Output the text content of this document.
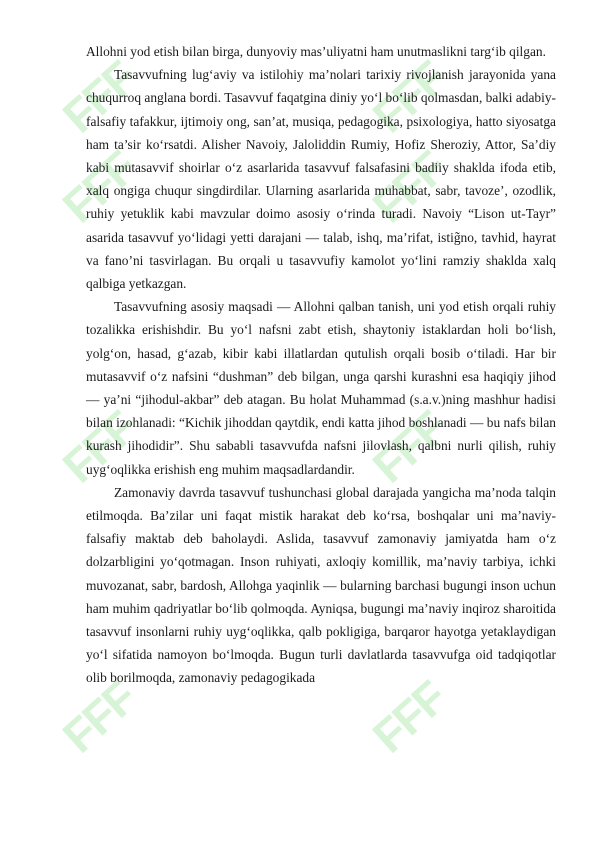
FFF	FFF
FFF	FFF
FFF	FFF
FFF	FFF

Allohni yod etish bilan birga, dunyoviy mas’uliyatni ham unutmaslikni targ‘ib qilgan.

Tasavvufning lug‘aviy va istilohiy ma’nolari tarixiy rivojlanish jarayonida yana chuqurroq anglana bordi. Tasavvuf faqatgina diniy yo‘l bo‘lib qolmasdan, balki adabiy-falsafiy tafakkur, ijtimoiy ong, san’at, musiqa, pedagogika, psixologiya, hatto siyosatga ham ta’sir ko‘rsatdi. Alisher Navoiy, Jaloliddin Rumiy, Hofiz Sheroziy, Attor, Sa’diy kabi mutasavvif shoirlar o‘z asarlarida tasavvuf falsafasini badiiy shaklda ifoda etib, xalq ongiga chuqur singdirdilar. Ularning asarlarida muhabbat, sabr, tavoze’, ozodlik, ruhiy yetuklik kabi mavzular doimo asosiy o‘rinda turadi. Navoiy “Lison ut-Tayr” asarida tasavvuf yo‘lidagi yetti darajani — talab, ishq, ma’rifat, istig̃no, tavhid, hayrat va fano’ni tasvirlagan. Bu orqali u tasavvufiy kamolot yo‘lini ramziy shaklda xalq qalbiga yetkazgan.

Tasavvufning asosiy maqsadi — Allohni qalban tanish, uni yod etish orqali ruhiy tozalikka erishishdir. Bu yo‘l nafsni zabt etish, shaytoniy istaklardan holi bo‘lish, yolg‘on, hasad, g‘azab, kibir kabi illatlardan qutulish orqali bosib o‘tiladi. Har bir mutasavvif o‘z nafsini “dushman” deb bilgan, unga qarshi kurashni esa haqiqiy jihod — ya’ni “jihodul-akbar” deb atagan. Bu holat Muhammad (s.a.v.)ning mashhur hadisi bilan izohlanadi: “Kichik jihoddan qaytdik, endi katta jihod boshlanadi — bu nafs bilan kurash jihodidir”. Shu sababli tasavvufda nafsni jilovlash, qalbni nurli qilish, ruhiy uyg‘oqlikka erishish eng muhim maqsadlardandir.

Zamonaviy davrda tasavvuf tushunchasi global darajada yangicha ma’noda talqin etilmoqda. Ba’zilar uni faqat mistik harakat deb ko‘rsa, boshqalar uni ma’naviy-falsafiy maktab deb baholaydi. Aslida, tasavvuf zamonaviy jamiyatda ham o‘z dolzarbligini yo‘qotmagan. Inson ruhiyati, axloqiy komillik, ma’naviy tarbiya, ichki muvozanat, sabr, bardosh, Allohga yaqinlik — bularning barchasi bugungi inson uchun ham muhim qadriyatlar bo‘lib qolmoqda. Ayniqsa, bugungi ma’naviy inqiroz sharoitida tasavvuf insonlarni ruhiy uyg‘oqlikka, qalb pokligiga, barqaror hayotga yetaklaydigan yo‘l sifatida namoyon bo‘lmoqda. Bugun turli davlatlarda tasavvufga oid tadqiqotlar olib borilmoqda, zamonaviy pedagogikada
